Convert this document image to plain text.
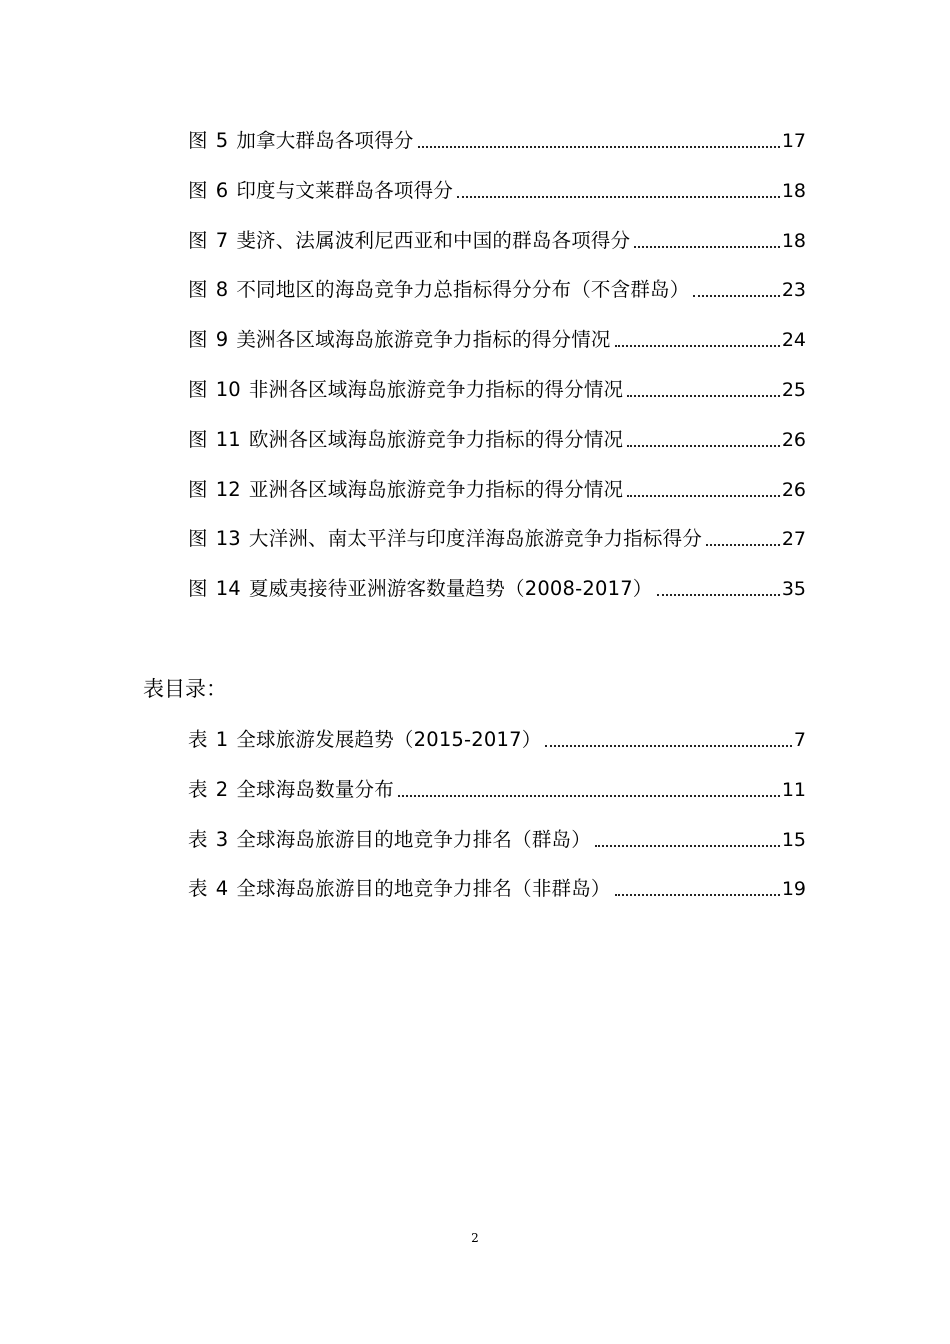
图 5 加拿大群岛各项得分	17
图 6 印度与文莱群岛各项得分	18
图 7 斐济、法属波利尼西亚和中国的群岛各项得分	18
图 8 不同地区的海岛竞争力总指标得分分布（不含群岛）	23
图 9 美洲各区域海岛旅游竞争力指标的得分情况	24
图 10 非洲各区域海岛旅游竞争力指标的得分情况	25
图 11 欧洲各区域海岛旅游竞争力指标的得分情况	26
图 12 亚洲各区域海岛旅游竞争力指标的得分情况	26
图 13 大洋洲、南太平洋与印度洋海岛旅游竞争力指标得分	27
图 14 夏威夷接待亚洲游客数量趋势（2008-2017）	35
表目录：
表 1 全球旅游发展趋势（2015-2017）	7
表 2 全球海岛数量分布	11
表 3 全球海岛旅游目的地竞争力排名（群岛）	15
表 4 全球海岛旅游目的地竞争力排名（非群岛）	19
2
